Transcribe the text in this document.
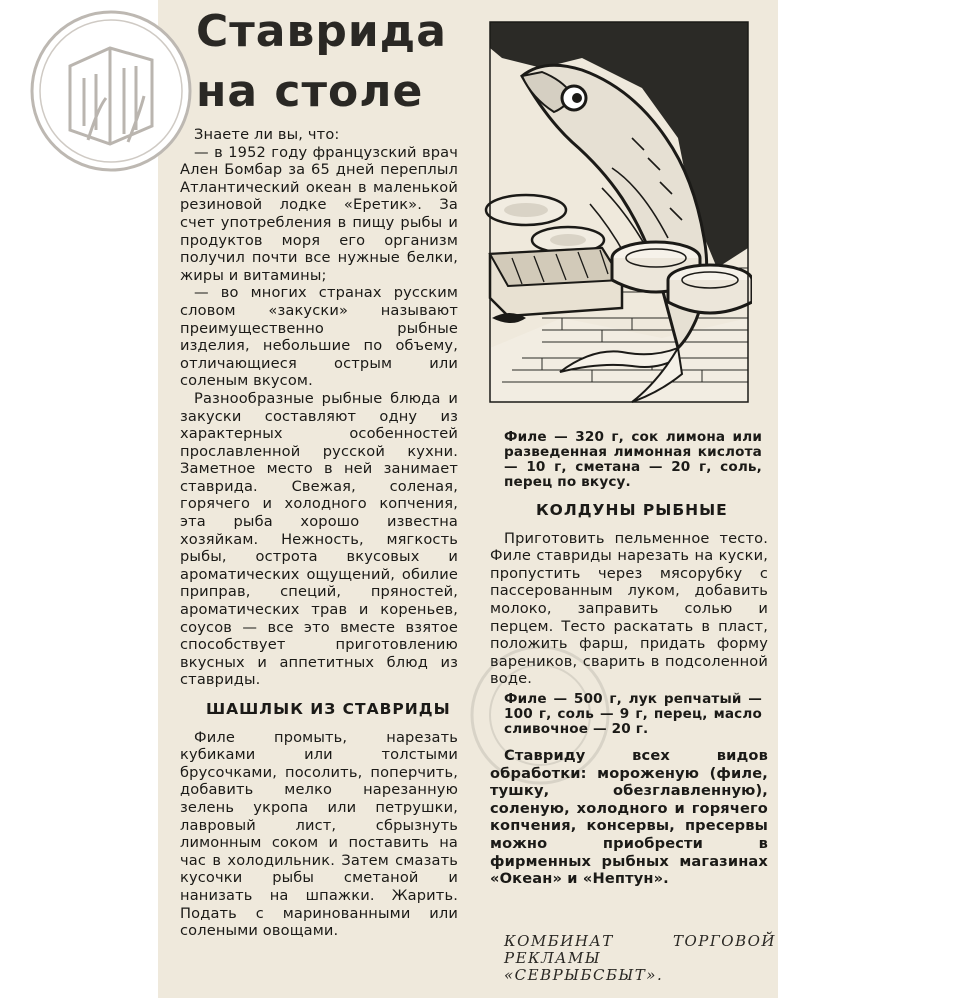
Ставрида
на столе

Знаете ли вы, что:

— в 1952 году французский врач Ален Бомбар за 65 дней переплыл Атлантический океан в маленькой резиновой лодке «Еретик». За счет употребления в пищу рыбы и продуктов моря его организм получил почти все нужные белки, жиры и витамины;

— во многих странах русским словом «закуски» называют преимущественно рыбные изделия, небольшие по объему, отличающиеся острым или соленым вкусом.

Разнообразные рыбные блюда и закуски составляют одну из характерных особенностей прославленной русской кухни. Заметное место в ней занимает ставрида. Свежая, соленая, горячего и холодного копчения, эта рыба хорошо известна хозяйкам. Нежность, мягкость рыбы, острота вкусовых и ароматических ощущений, обилие приправ, специй, пряностей, ароматических трав и кореньев, соусов — все это вместе взятое способствует приготовлению вкусных и аппетитных блюд из ставриды.

ШАШЛЫК ИЗ СТАВРИДЫ

Филе промыть, нарезать кубиками или толстыми брусочками, посолить, поперчить, добавить мелко нарезанную зелень укропа или петрушки, лавровый лист, сбрызнуть лимонным соком и поставить на час в холодильник. Затем смазать кусочки рыбы сметаной и нанизать на шпажки. Жарить. Подать с маринованными или солеными овощами.

Филе — 320 г, сок лимона или разведенная лимонная кислота — 10 г, сметана — 20 г, соль, перец по вкусу.

КОЛДУНЫ РЫБНЫЕ

Приготовить пельменное тесто. Филе ставриды нарезать на куски, пропустить через мясорубку с пассерованным луком, добавить молоко, заправить солью и перцем. Тесто раскатать в пласт, положить фарш, придать форму вареников, сварить в подсоленной воде.

Филе — 500 г, лук репчатый — 100 г, соль — 9 г, перец, масло сливочное — 20 г.

Ставриду всех видов обработки: мороженую (филе, тушку, обезглавленную), соленую, холодного и горячего копчения, консервы, пресервы можно приобрести в фирменных рыбных магазинах «Океан» и «Нептун».

КОМБИНАТ ТОРГОВОЙ
РЕКЛАМЫ
«СЕВРЫБСБЫТ».
